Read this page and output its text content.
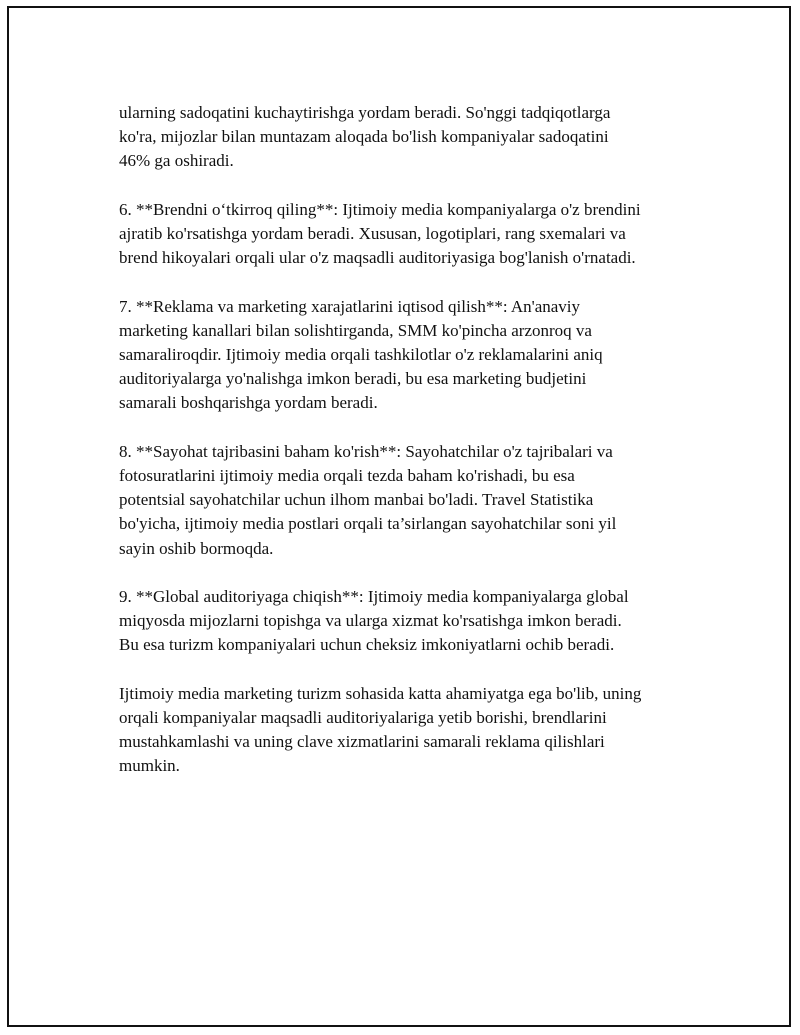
ularning sadoqatini kuchaytirishga yordam beradi. So'nggi tadqiqotlarga
ko'ra, mijozlar bilan muntazam aloqada bo'lish kompaniyalar sadoqatini
46% ga oshiradi.

6. **Brendni o‘tkirroq qiling**: Ijtimoiy media kompaniyalarga o'z brendini
ajratib ko'rsatishga yordam beradi. Xususan, logotiplari, rang sxemalari va
brend hikoyalari orqali ular o'z maqsadli auditoriyasiga bog'lanish o'rnatadi.

7. **Reklama va marketing xarajatlarini iqtisod qilish**: An'anaviy
marketing kanallari bilan solishtirganda, SMM ko'pincha arzonroq va
samaraliroqdir. Ijtimoiy media orqali tashkilotlar o'z reklamalarini aniq
auditoriyalarga yo'nalishga imkon beradi, bu esa marketing budjetini
samarali boshqarishga yordam beradi.

8. **Sayohat tajribasini baham ko'rish**: Sayohatchilar o'z tajribalari va
fotosuratlarini ijtimoiy media orqali tezda baham ko'rishadi, bu esa
potentsial sayohatchilar uchun ilhom manbai bo'ladi. Travel Statistika
bo'yicha, ijtimoiy media postlari orqali ta’sirlangan sayohatchilar soni yil
sayin oshib bormoqda.

9. **Global auditoriyaga chiqish**: Ijtimoiy media kompaniyalarga global
miqyosda mijozlarni topishga va ularga xizmat ko'rsatishga imkon beradi.
Bu esa turizm kompaniyalari uchun cheksiz imkoniyatlarni ochib beradi.

Ijtimoiy media marketing turizm sohasida katta ahamiyatga ega bo'lib, uning
orqali kompaniyalar maqsadli auditoriyalariga yetib borishi, brendlarini
mustahkamlashi va uning clave xizmatlarini samarali reklama qilishlari
mumkin.
